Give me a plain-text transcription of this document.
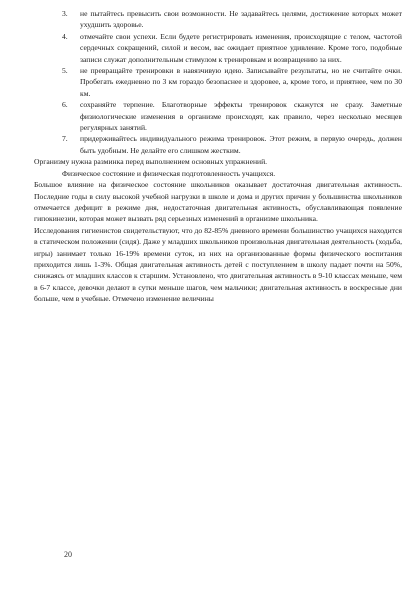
3.	не пытайтесь превысить свои возможности. Не задавайтесь целями, достижение которых может ухудшить здоровье.

4.	отмечайте свои успехи. Если будете регистрировать изменения, происходящие с телом, частотой сердечных сокращений, силой и весом, вас ожидает приятное удивление. Кроме того, подобные записи служат дополнительным стимулом к тренировкам и возвращению за них.

5.	не превращайте тренировки в навязчивую идею. Записывайте результаты, но не считайте очки. Пробегать ежедневно по 3 км гораздо безопаснее и здоровее, а, кроме того, и приятнее, чем по 30 км.

6.	сохраняйте терпение. Благотворные эффекты тренировок скажутся не сразу. Заметные физиологические изменения в организме происходят, как правило, через несколько месяцев регулярных занятий.

7.	придерживайтесь индивидуального режима тренировок. Этот режим, в первую очередь, должен быть удобным. Не делайте его слишком жестким.

Организму нужна разминка перед выполнением основных упражнений.

Физическое состояние и физическая подготовленность учащихся.

Большое влияние на физическое состояние школьников оказывает достаточная двигательная активность. Последние годы в силу высокой учебной нагрузки в школе и дома и других причин у большинства школьников отмечается дефицит в режиме дня, недостаточная двигательная активность, обуславливающая появление гипокинезии, которая может вызвать ряд серьезных изменений в организме школьника.

Исследования гигиенистов свидетельствуют, что до 82-85% дневного времени большинство учащихся находится в статическом положении (сидя). Даже у младших школьников произвольная двигательная деятельность (ходьба, игры) занимает только 16-19% времени суток, из них на организованные формы физического воспитания приходится лишь 1-3%. Общая двигательная активность детей с поступлением в школу падает почти на 50%, снижаясь от младших классов к старшим. Установлено, что двигательная активность в 9-10 классах меньше, чем в 6-7 классе, девочки делают в сутки меньше шагов, чем мальчики; двигательная активность в воскресные дни больше, чем в учебные. Отмечено изменение величины

20
